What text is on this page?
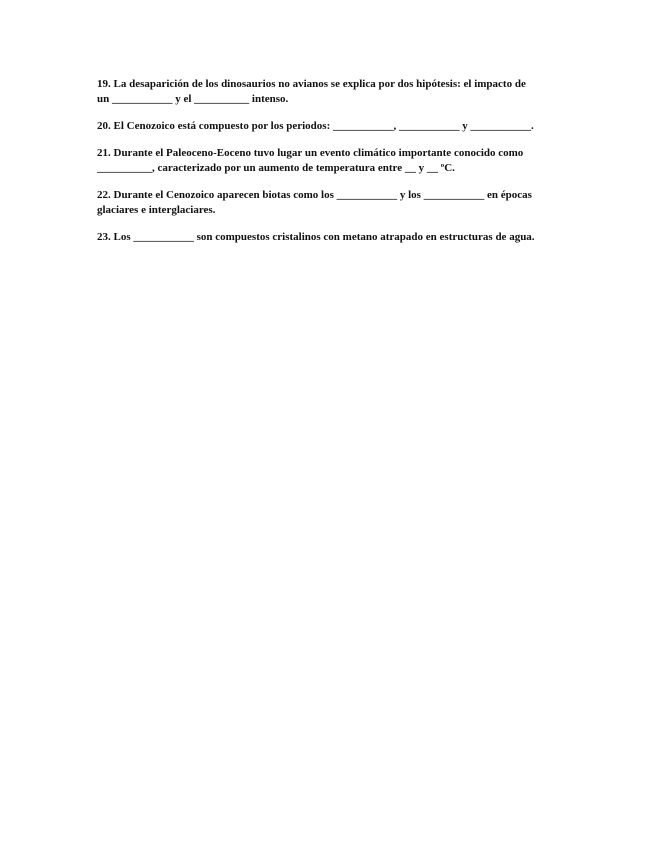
19. La desaparición de los dinosaurios no avianos se explica por dos hipótesis: el impacto de
un ___________ y el __________ intenso.

20. El Cenozoico está compuesto por los periodos: ___________, ___________ y ___________.

21. Durante el Paleoceno-Eoceno tuvo lugar un evento climático importante conocido como
__________, caracterizado por un aumento de temperatura entre __ y __ ºC.

22. Durante el Cenozoico aparecen biotas como los ___________ y los ___________ en épocas
glaciares e interglaciares.

23. Los ___________ son compuestos cristalinos con metano atrapado en estructuras de agua.
